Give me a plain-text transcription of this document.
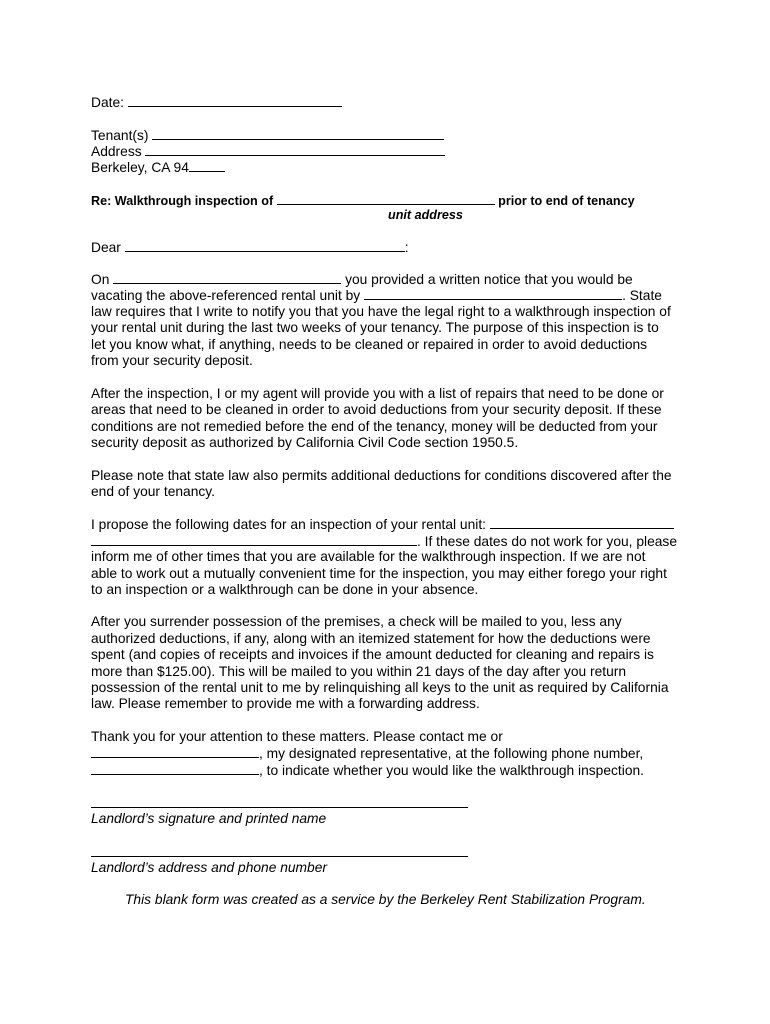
Date:
Tenant(s)
Address
Berkeley, CA 94
Re: Walkthrough inspection of	prior to end of tenancy
unit address
Dear	:
On	you provided a written notice that you would be
vacating the above-referenced rental unit by	. State
law requires that I write to notify you that you have the legal right to a walkthrough inspection of
your rental unit during the last two weeks of your tenancy. The purpose of this inspection is to
let you know what, if anything, needs to be cleaned or repaired in order to avoid deductions
from your security deposit.
After the inspection, I or my agent will provide you with a list of repairs that need to be done or
areas that need to be cleaned in order to avoid deductions from your security deposit. If these
conditions are not remedied before the end of the tenancy, money will be deducted from your
security deposit as authorized by California Civil Code section 1950.5.
Please note that state law also permits additional deductions for conditions discovered after the
end of your tenancy.
I propose the following dates for an inspection of your rental unit:
. If these dates do not work for you, please
inform me of other times that you are available for the walkthrough inspection. If we are not
able to work out a mutually convenient time for the inspection, you may either forego your right
to an inspection or a walkthrough can be done in your absence.
After you surrender possession of the premises, a check will be mailed to you, less any
authorized deductions, if any, along with an itemized statement for how the deductions were
spent (and copies of receipts and invoices if the amount deducted for cleaning and repairs is
more than $125.00). This will be mailed to you within 21 days of the day after you return
possession of the rental unit to me by relinquishing all keys to the unit as required by California
law. Please remember to provide me with a forwarding address.
Thank you for your attention to these matters. Please contact me or
, my designated representative, at the following phone number,
, to indicate whether you would like the walkthrough inspection.
Landlord’s signature and printed name
Landlord’s address and phone number
This blank form was created as a service by the Berkeley Rent Stabilization Program.
